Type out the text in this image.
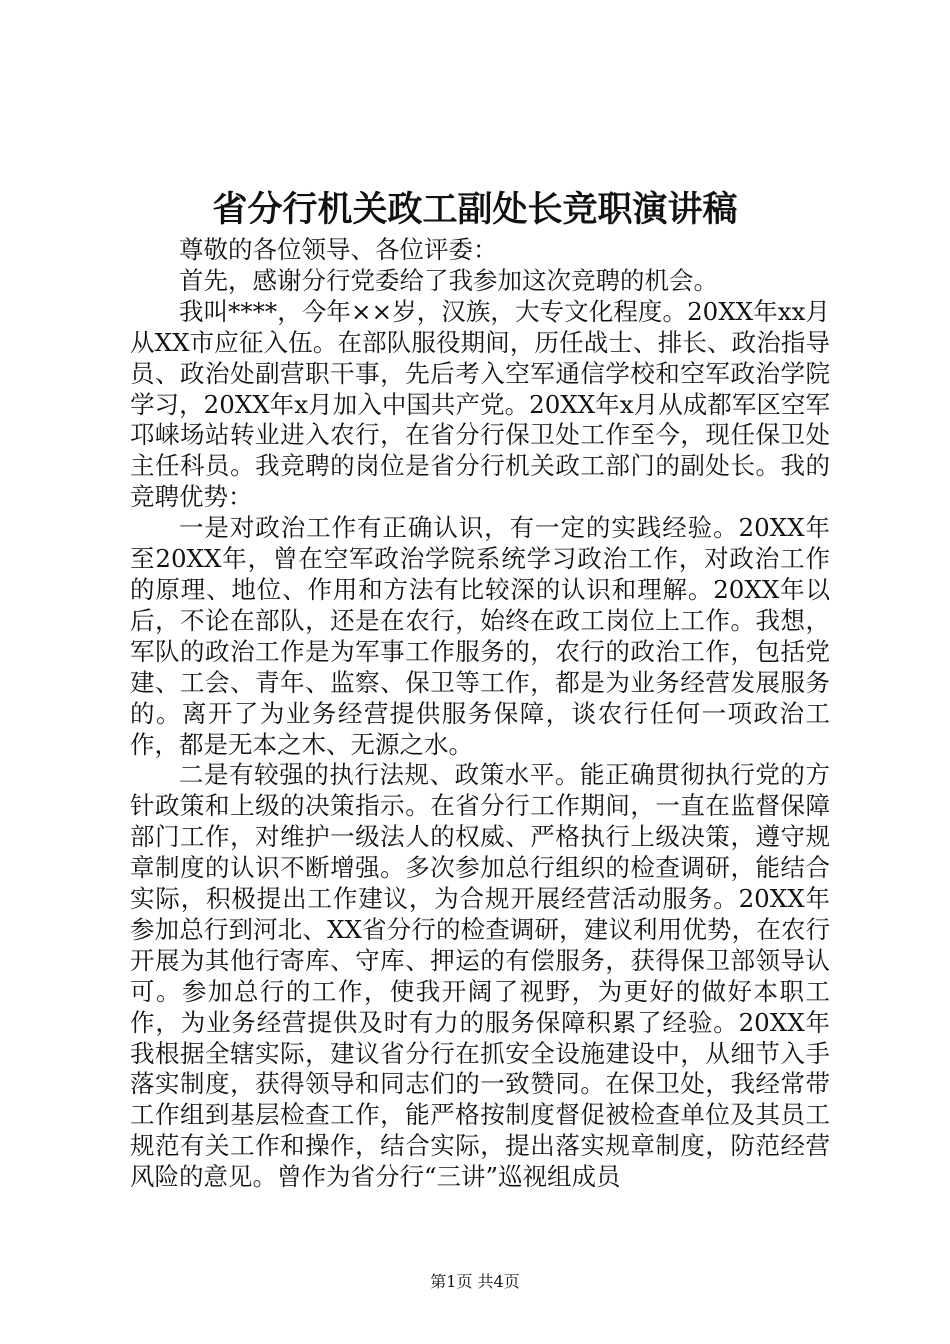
省分行机关政工副处长竞职演讲稿

尊敬的各位领导、各位评委：

首先，感谢分行党委给了我参加这次竞聘的机会。

我叫****，今年××岁，汉族，大专文化程度。20XX年xx月从XX市应征入伍。在部队服役期间，历任战士、排长、政治指导员、政治处副营职干事，先后考入空军通信学校和空军政治学院学习，20XX年x月加入中国共产党。20XX年x月从成都军区空军邛崃场站转业进入农行，在省分行保卫处工作至今，现任保卫处主任科员。我竞聘的岗位是省分行机关政工部门的副处长。我的竞聘优势：

一是对政治工作有正确认识，有一定的实践经验。20XX年至20XX年，曾在空军政治学院系统学习政治工作，对政治工作的原理、地位、作用和方法有比较深的认识和理解。20XX年以后，不论在部队，还是在农行，始终在政工岗位上工作。我想，军队的政治工作是为军事工作服务的，农行的政治工作，包括党建、工会、青年、监察、保卫等工作，都是为业务经营发展服务的。离开了为业务经营提供服务保障，谈农行任何一项政治工作，都是无本之木、无源之水。

二是有较强的执行法规、政策水平。能正确贯彻执行党的方针政策和上级的决策指示。在省分行工作期间，一直在监督保障部门工作，对维护一级法人的权威、严格执行上级决策，遵守规章制度的认识不断增强。多次参加总行组织的检查调研，能结合实际，积极提出工作建议，为合规开展经营活动服务。20XX年参加总行到河北、XX省分行的检查调研，建议利用优势，在农行开展为其他行寄库、守库、押运的有偿服务，获得保卫部领导认可。参加总行的工作，使我开阔了视野，为更好的做好本职工作，为业务经营提供及时有力的服务保障积累了经验。20XX年我根据全辖实际，建议省分行在抓安全设施建设中，从细节入手落实制度，获得领导和同志们的一致赞同。在保卫处，我经常带工作组到基层检查工作，能严格按制度督促被检查单位及其员工规范有关工作和操作，结合实际，提出落实规章制度，防范经营风险的意见。曾作为省分行“三讲”巡视组成员

第1页 共4页
